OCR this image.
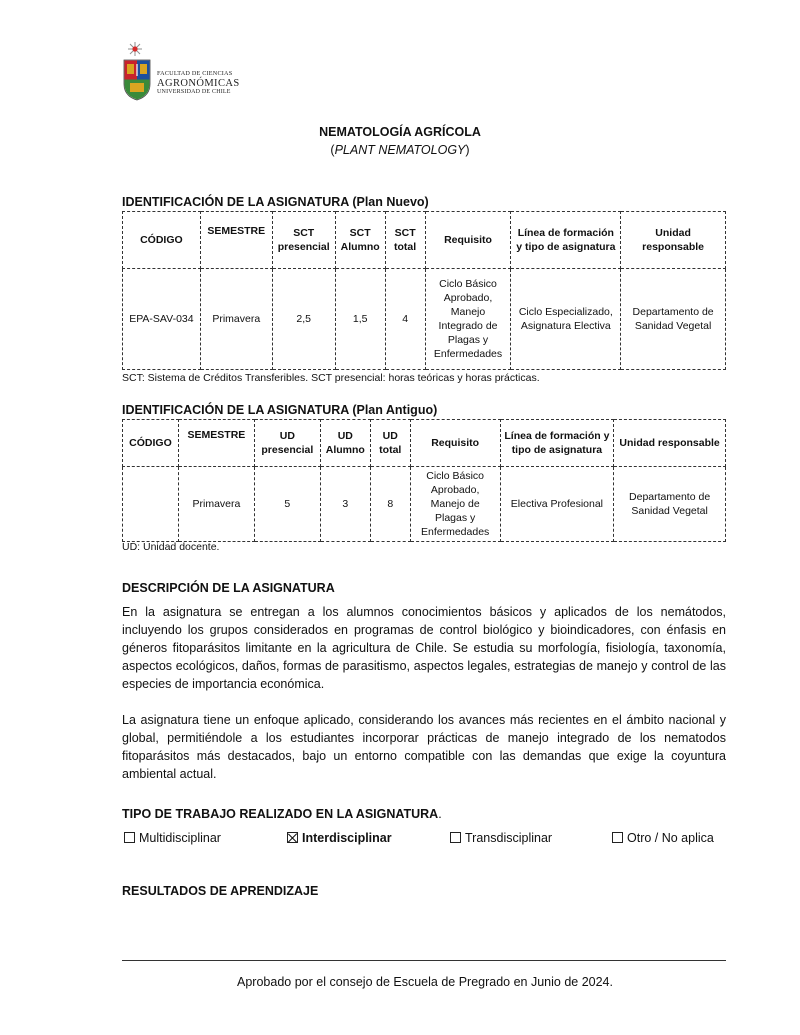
FACULTAD DE CIENCIAS
AGRONÓMICAS
UNIVERSIDAD DE CHILE
NEMATOLOGÍA AGRÍCOLA
(PLANT NEMATOLOGY)
IDENTIFICACIÓN DE LA ASIGNATURA (Plan Nuevo)
CÓDIGO	SEMESTRE	SCT presencial	SCT Alumno	SCT total	Requisito	Línea de formación y tipo de asignatura	Unidad responsable
EPA-SAV-034	Primavera	2,5	1,5	4	Ciclo Básico Aprobado, Manejo Integrado de Plagas y Enfermedades	Ciclo Especializado, Asignatura Electiva	Departamento de Sanidad Vegetal
SCT: Sistema de Créditos Transferibles. SCT presencial: horas teóricas y horas prácticas.
IDENTIFICACIÓN DE LA ASIGNATURA (Plan Antiguo)
CÓDIGO	SEMESTRE	UD presencial	UD Alumno	UD total	Requisito	Línea de formación y tipo de asignatura	Unidad responsable
	Primavera	5	3	8	Ciclo Básico Aprobado, Manejo de Plagas y Enfermedades	Electiva Profesional	Departamento de Sanidad Vegetal
UD: Unidad docente.
DESCRIPCIÓN DE LA ASIGNATURA
En la asignatura se entregan a los alumnos conocimientos básicos y aplicados de los nemátodos, incluyendo los grupos considerados en programas de control biológico y bioindicadores, con énfasis en géneros fitoparásitos limitante en la agricultura de Chile. Se estudia su morfología, fisiología, taxonomía, aspectos ecológicos, daños, formas de parasitismo, aspectos legales, estrategias de manejo y control de las especies de importancia económica.
La asignatura tiene un enfoque aplicado, considerando los avances más recientes en el ámbito nacional y global, permitiéndole a los estudiantes incorporar prácticas de manejo integrado de los nematodos fitoparásitos más destacados, bajo un entorno compatible con las demandas que exige la coyuntura ambiental actual.
TIPO DE TRABAJO REALIZADO EN LA ASIGNATURA.
Multidisciplinar	Interdisciplinar	Transdisciplinar	Otro / No aplica
RESULTADOS DE APRENDIZAJE
Aprobado por el consejo de Escuela de Pregrado en Junio de 2024.
